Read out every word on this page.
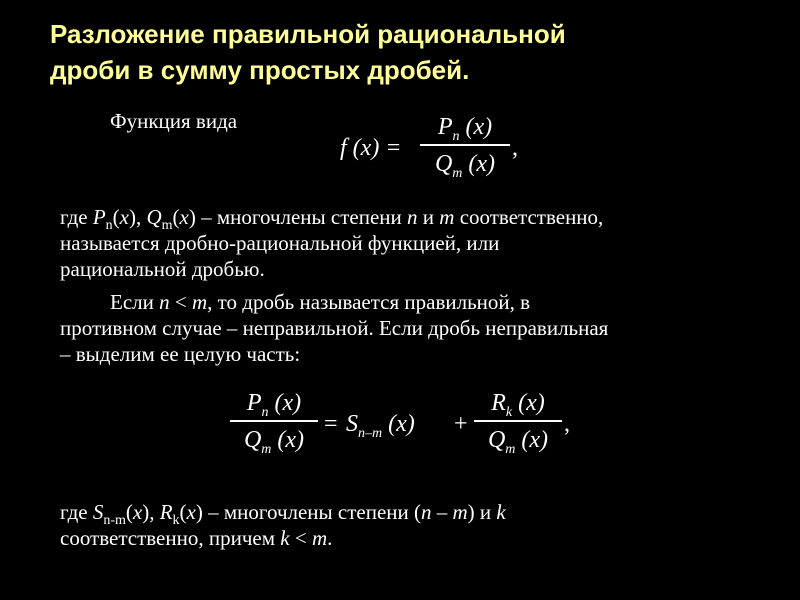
Разложение правильной рациональной
дроби в сумму простых дробей.
Функция вида
f (x) =
$P_n$ (x)
$Q_m$ (x)
,
где $P_n(x)$, $Q_m(x)$ – многочлены степени n и m соответственно,
называется дробно-рациональной функцией, или
рациональной дробью.
Если n < m, то дробь называется правильной, в
противном случае – неправильной. Если дробь неправильная
– выделим ее целую часть:
$P_n$ (x)
$Q_m$ (x)
= $S_{n-m}$ (x) +
$R_k$ (x)
$Q_m$ (x)
,
где $S_{n-m}(x)$, $R_k(x)$ – многочлены степени (n – m) и k
соответственно, причем k < m.
